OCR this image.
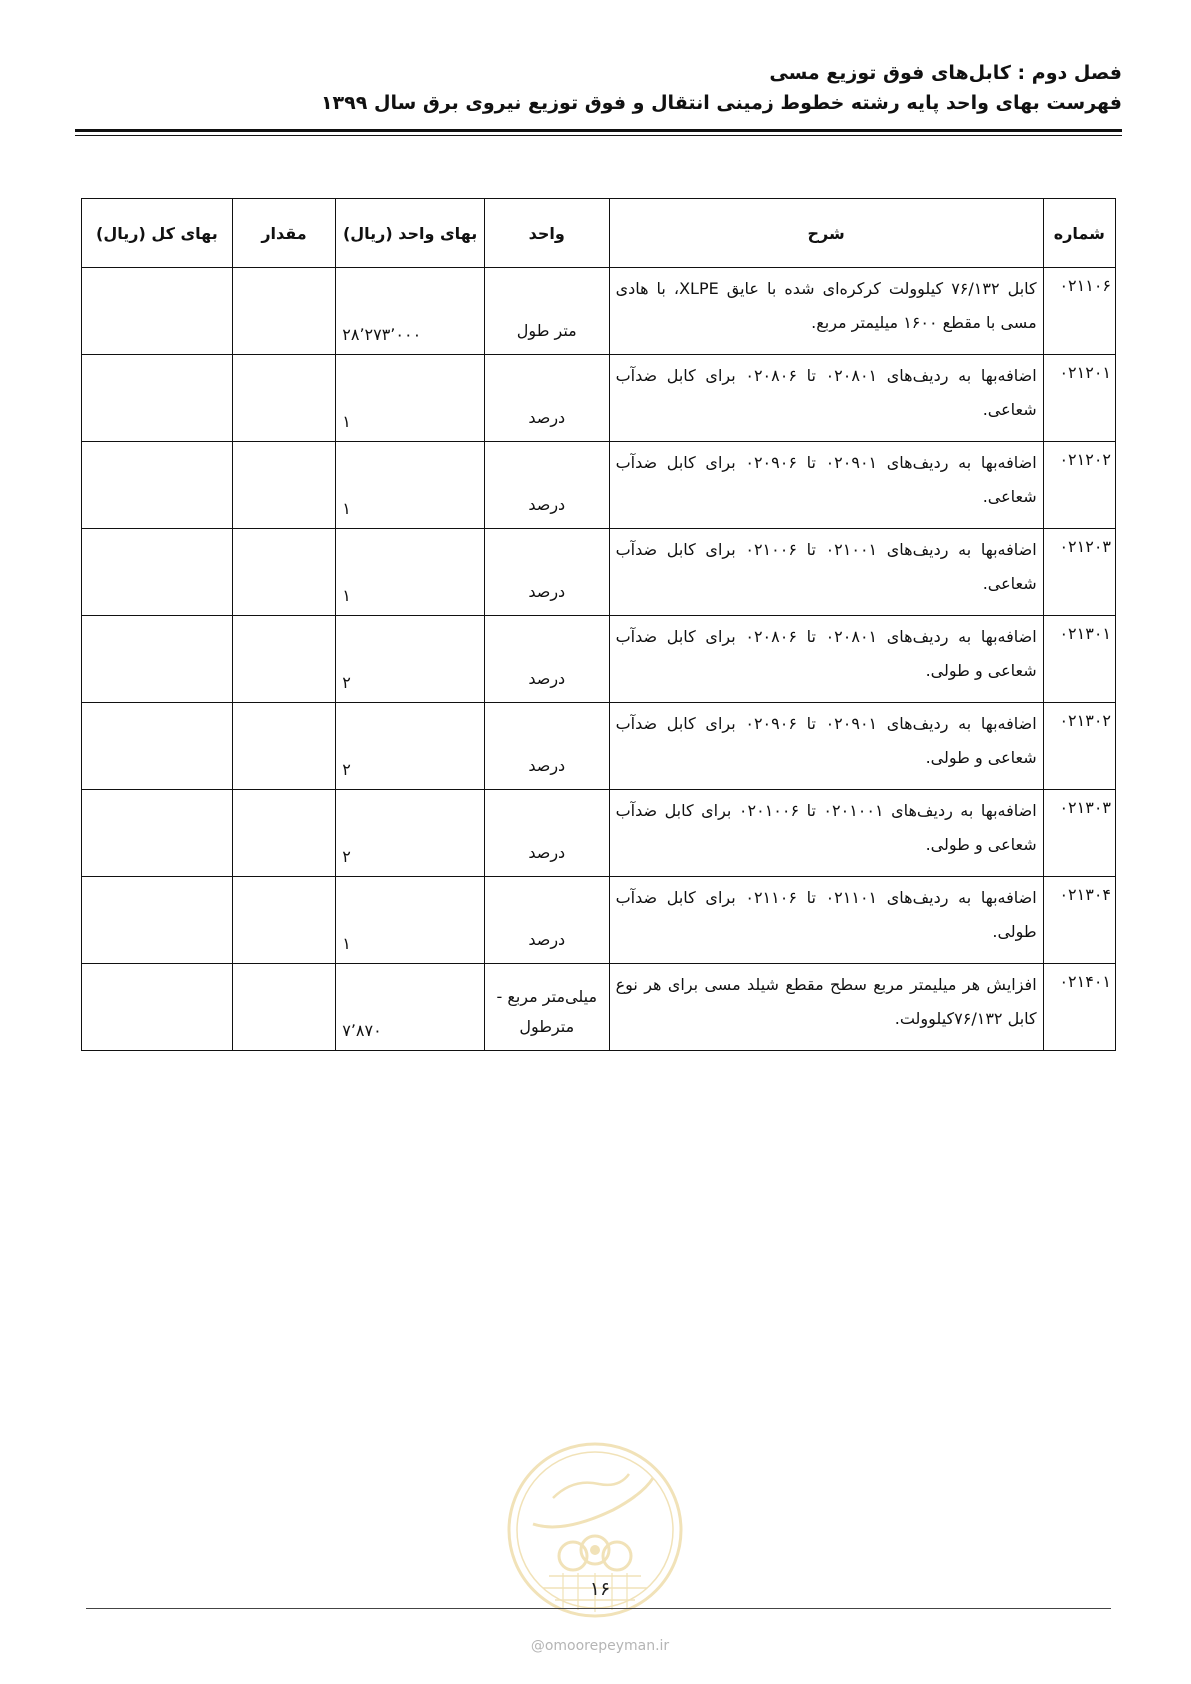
فصل دوم : کابل‌های فوق توزیع مسی
فهرست بهای واحد پایه رشته خطوط زمینی انتقال و فوق توزیع نیروی برق سال ۱۳۹۹
شماره	شرح	واحد	بهای واحد (ریال)	مقدار	بهای کل (ریال)
۰۲۱۱۰۶	کابل ۷۶/۱۳۲ کیلوولت کرکره‌ای شده با عایق XLPE، با هادی مسی با مقطع ۱۶۰۰ میلیمتر مربع.	متر طول	۲۸٬۲۷۳٬۰۰۰		
۰۲۱۲۰۱	اضافه‌بها به ردیف‌های ۰۲۰۸۰۱ تا ۰۲۰۸۰۶ برای کابل ضدآب شعاعی.	درصد	۱		
۰۲۱۲۰۲	اضافه‌بها به ردیف‌های ۰۲۰۹۰۱ تا ۰۲۰۹۰۶ برای کابل ضدآب شعاعی.	درصد	۱		
۰۲۱۲۰۳	اضافه‌بها به ردیف‌های ۰۲۱۰۰۱ تا ۰۲۱۰۰۶ برای کابل ضدآب شعاعی.	درصد	۱		
۰۲۱۳۰۱	اضافه‌بها به ردیف‌های ۰۲۰۸۰۱ تا ۰۲۰۸۰۶ برای کابل ضدآب شعاعی و طولی.	درصد	۲		
۰۲۱۳۰۲	اضافه‌بها به ردیف‌های ۰۲۰۹۰۱ تا ۰۲۰۹۰۶ برای کابل ضدآب شعاعی و طولی.	درصد	۲		
۰۲۱۳۰۳	اضافه‌بها به ردیف‌های ۰۲۰۱۰۰۱ تا ۰۲۰۱۰۰۶ برای کابل ضدآب شعاعی و طولی.	درصد	۲		
۰۲۱۳۰۴	اضافه‌بها به ردیف‌های ۰۲۱۱۰۱ تا ۰۲۱۱۰۶ برای کابل ضدآب طولی.	درصد	۱		
۰۲۱۴۰۱	افزایش هر میلیمتر مربع سطح مقطع شیلد مسی برای هر نوع کابل ۷۶/۱۳۲کیلوولت.	میلی‌متر مربع - مترطول	۷٬۸۷۰		
۱۶
@omoorepeyman.ir
